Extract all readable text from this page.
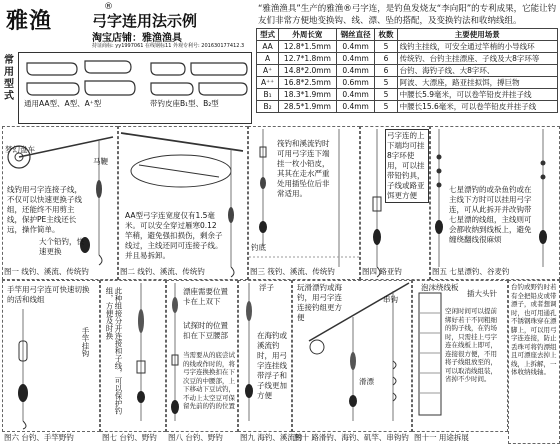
雅渔
®
弓字连用法示例
淘宝店铺：雅渔渔具
持证商标: yy1997061 在线钢标11 外观专利号: 201630177412.3
“雅渔渔具”生产的雅渔®弓字连，是钓鱼发烧友“李向阳”的专利成果，它能让钓友们非常方便地变换钩、线、漂、坠的搭配，及变换钓法和收纳线组。
常用型式
通用AA型、A型、A⁺型	带钓皮座B₁型、B₂型
型式	外周长宽	钢丝直径	枚数	主要使用场景
AA	12.8*1.5mm	0.4mm	5	线钓主挂线，可安全通过竿梢的小导线环
A	12.7*1.8mm	0.4mm	6	传统钓、台钓主挂漂座、子线及大8字环等
A⁺	14.8*2.0mm	0.4mm	6	台钓、海钓子线、大8字环、
A⁺⁺	16.8*2.5mm	0.6mm	5	阿波、大漂座，路亚挂拟饵，搏巨物
B₁	18.3*1.9mm	0.4mm	5	中腰长5.9毫米，可以卷竿铅皮并挂子线
B₂	28.5*1.9mm	0.4mm	5	中腰长15.6毫米，可以卷竿铅皮并挂子线
梦幻盘车
马鞭
线钓用弓字连接子线，不仅可以快速更换子线组，还能终不用剪主线，保护PE主线还长远，操作简单。
大个铅钓，快速更换
图一 线钓、溪流、传统钓
AA型弓字连宽度仅有1.5毫米。可以安全穿过雁寒0.12竿稍，避免强扣损伤，剩余子线过，主线还同可连接子线。并且易拆卸。
图二 线钓、溪流、传统钓
筏钓和溪流钓时可用弓字连下端挂一枚小铅皮，其其在走水严重处用插坠位后非常适用。
钓底
图三 筏钓、溪流、传统钓
弓字连的上下端均可挂8字环使用，可以挂带铅钓具，子线或路亚饵更方便
图四 路亚钓
七星漂钓的或杂鱼钓或在主线下方时可以挂用弓字连，可从此拆开并改钩带七星漂的线组，主线则可会都收纳到线板上，避免缠绕翻线很麻烦
图五 七星漂钓、谷麦钓
手竿用弓字连可快速切换的活和线组
手竿挂钩
图六 台钓、手竿野钓
此种组接分开连接和子线，可以保护钓组，方便及时换
图七 台钓、野钓
漂座需要位置卡在上双下
试探时的位置扣在下豆腰部
当需要从的底尝试的线或作时的，将弓字连换换扣在下次豆的中腰部，上下移动下豆试钓，不动上太空豆可保留先前的钓的位置
图八 台钓、野钓
浮子
在海钓或溪流钓时，用弓字连挂线带浮子和子线更加方便
图九 海钓、溪流钓
玩滑漂钓或海钓，用弓字连连接钓组更方便
滑漂
串钩
图十 路滑钓、海钓、矶竿、串钩钓
泡沫绕线板
插大头针
空闲时间可以提前绑好若干不同粗细的钩子线，在钓场时，只需挂上弓字连在线板上即可，连接很方便，不用将子线组放至的，可以取消线组装，省掉不少时间。
图十一 用途拆展
台钓或野钓时若有全把铅皮或带漂子，或者想调时，也可用通孔不锈钢珠穿在漂脚上，可以用弓字连连接，防止丢珠可将钓漂组且可漂座去掉上线，上拆解，一体收纳线轴。
